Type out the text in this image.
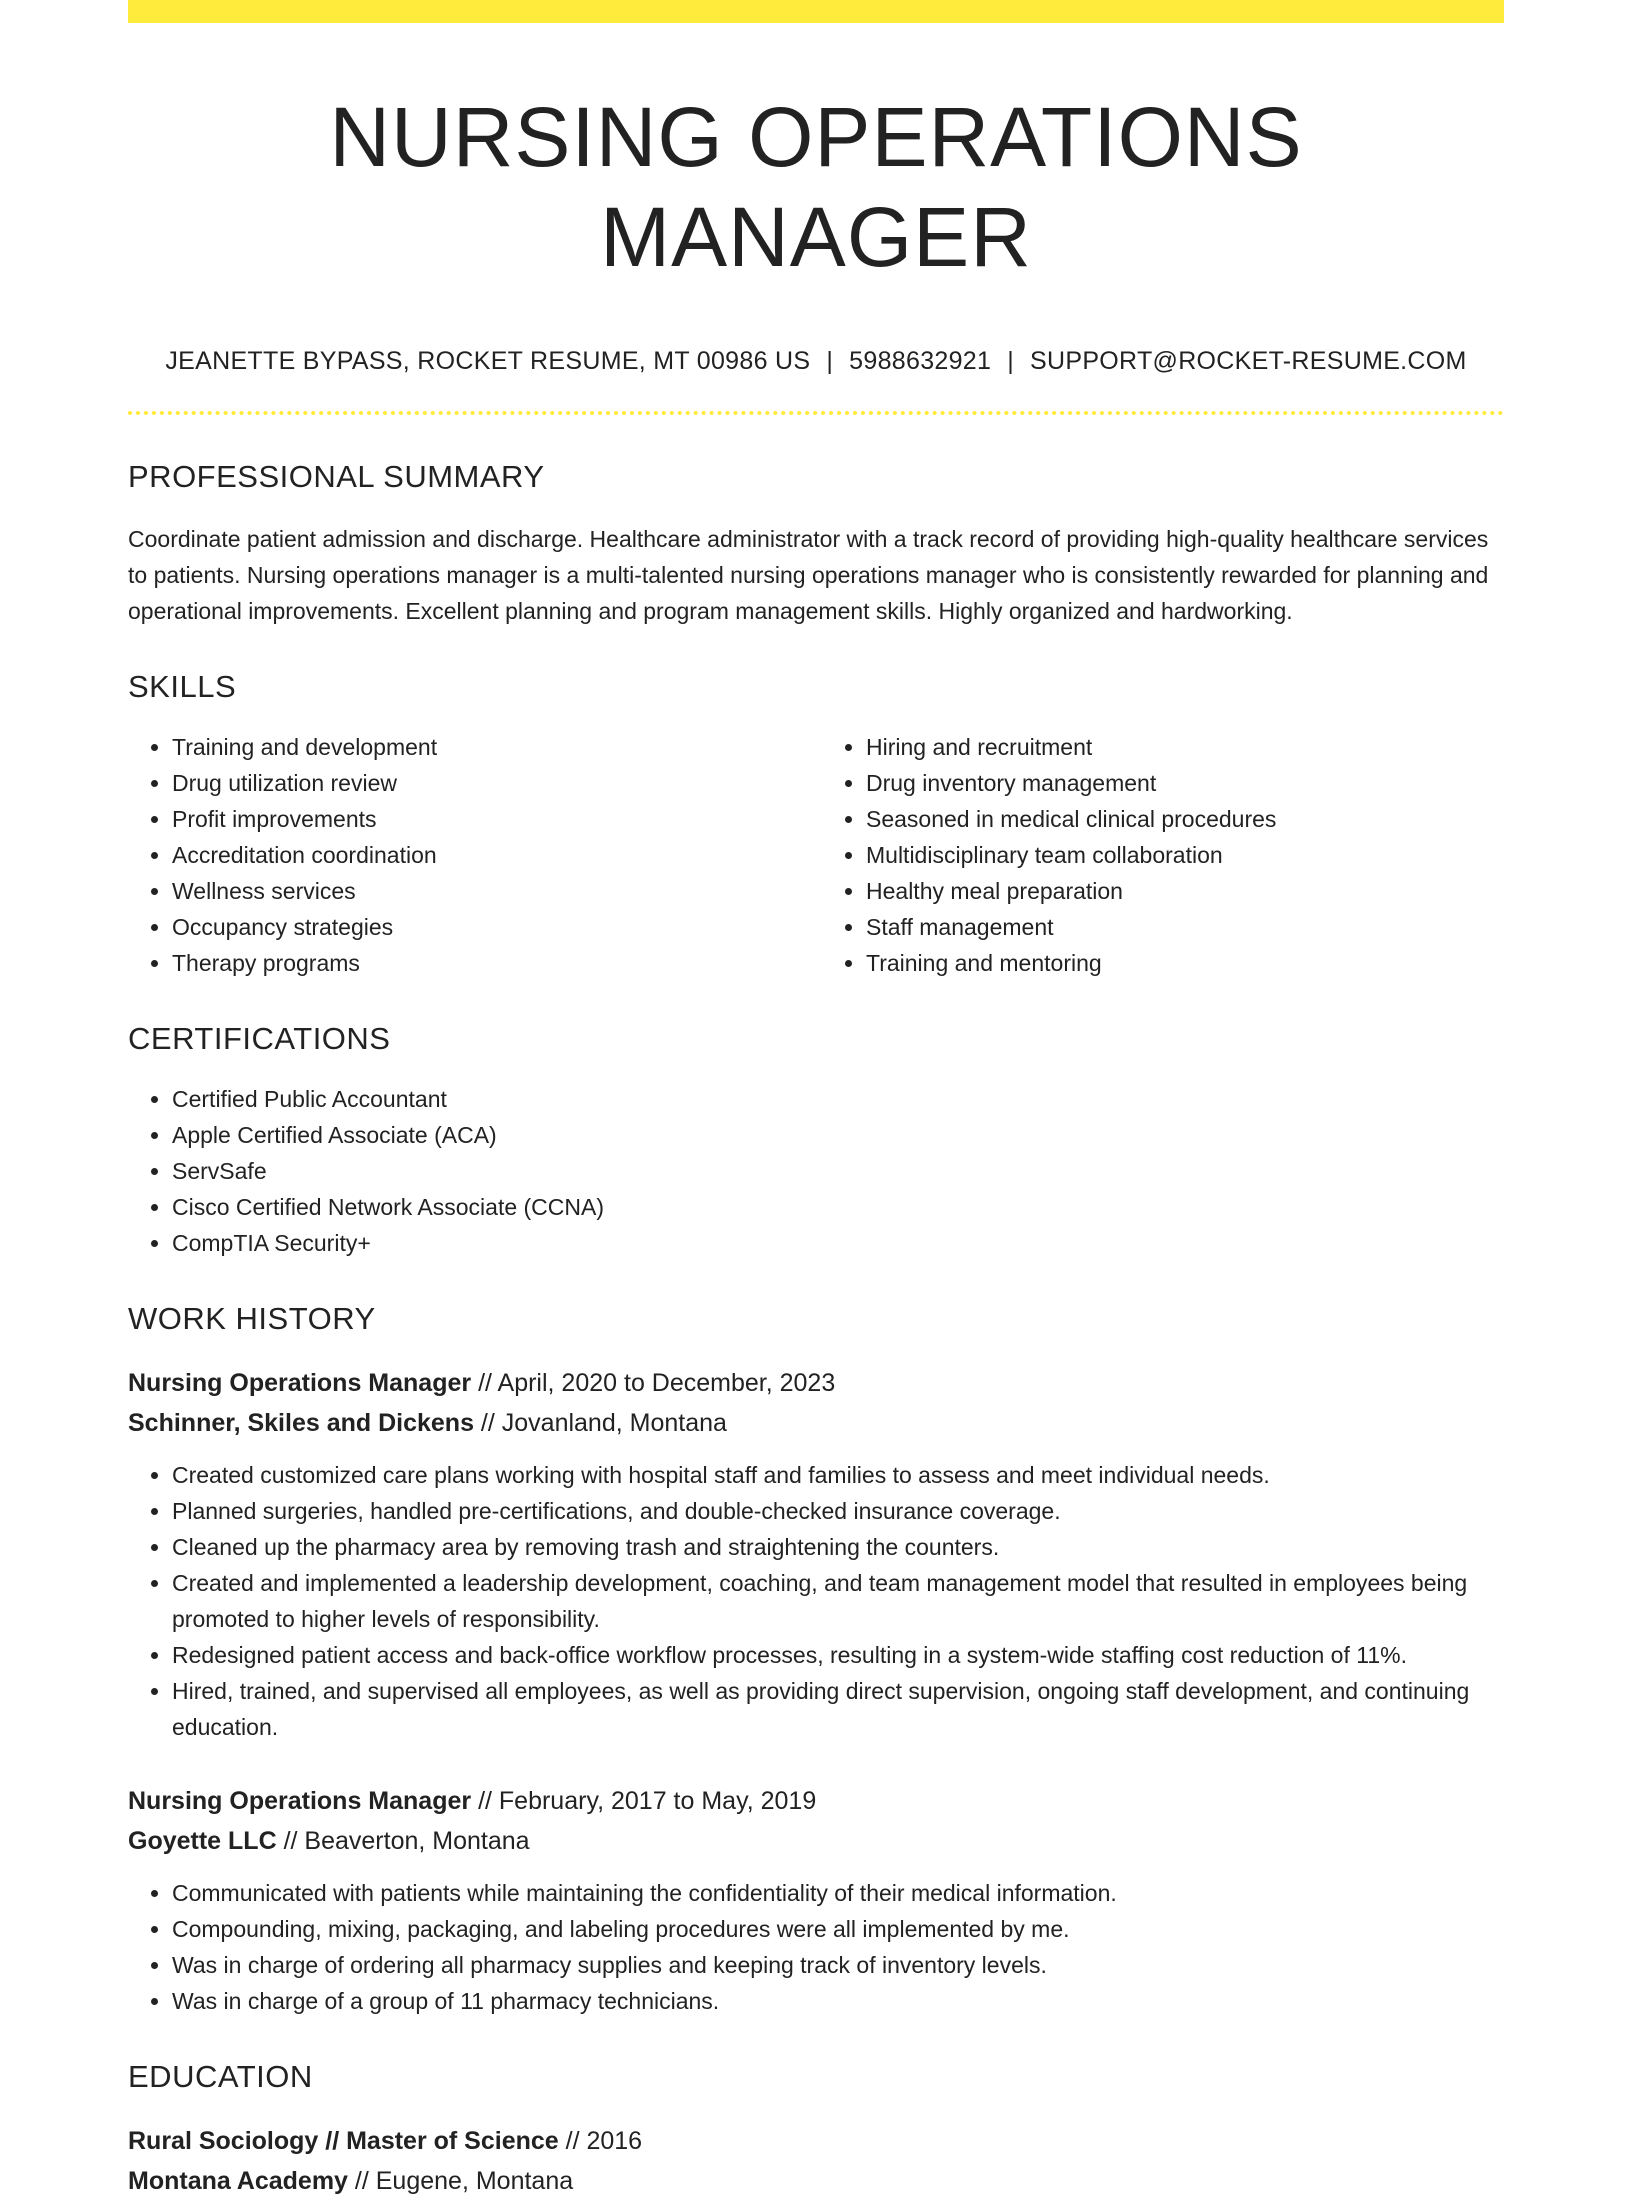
NURSING OPERATIONS MANAGER
JEANETTE BYPASS, ROCKET RESUME, MT 00986 US | 5988632921 | SUPPORT@ROCKET-RESUME.COM
PROFESSIONAL SUMMARY

Coordinate patient admission and discharge. Healthcare administrator with a track record of providing high-quality healthcare services to patients. Nursing operations manager is a multi-talented nursing operations manager who is consistently rewarded for planning and operational improvements. Excellent planning and program management skills. Highly organized and hardworking.

SKILLS
• Training and development
• Drug utilization review
• Profit improvements
• Accreditation coordination
• Wellness services
• Occupancy strategies
• Therapy programs
• Hiring and recruitment
• Drug inventory management
• Seasoned in medical clinical procedures
• Multidisciplinary team collaboration
• Healthy meal preparation
• Staff management
• Training and mentoring
CERTIFICATIONS
• Certified Public Accountant
• Apple Certified Associate (ACA)
• ServSafe
• Cisco Certified Network Associate (CCNA)
• CompTIA Security+
WORK HISTORY
Nursing Operations Manager // April, 2020 to December, 2023
Schinner, Skiles and Dickens // Jovanland, Montana
• Created customized care plans working with hospital staff and families to assess and meet individual needs.
• Planned surgeries, handled pre-certifications, and double-checked insurance coverage.
• Cleaned up the pharmacy area by removing trash and straightening the counters.
• Created and implemented a leadership development, coaching, and team management model that resulted in employees being promoted to higher levels of responsibility.
• Redesigned patient access and back-office workflow processes, resulting in a system-wide staffing cost reduction of 11%.
• Hired, trained, and supervised all employees, as well as providing direct supervision, ongoing staff development, and continuing education.
Nursing Operations Manager // February, 2017 to May, 2019
Goyette LLC // Beaverton, Montana
• Communicated with patients while maintaining the confidentiality of their medical information.
• Compounding, mixing, packaging, and labeling procedures were all implemented by me.
• Was in charge of ordering all pharmacy supplies and keeping track of inventory levels.
• Was in charge of a group of 11 pharmacy technicians.
EDUCATION
Rural Sociology // Master of Science // 2016
Montana Academy // Eugene, Montana
